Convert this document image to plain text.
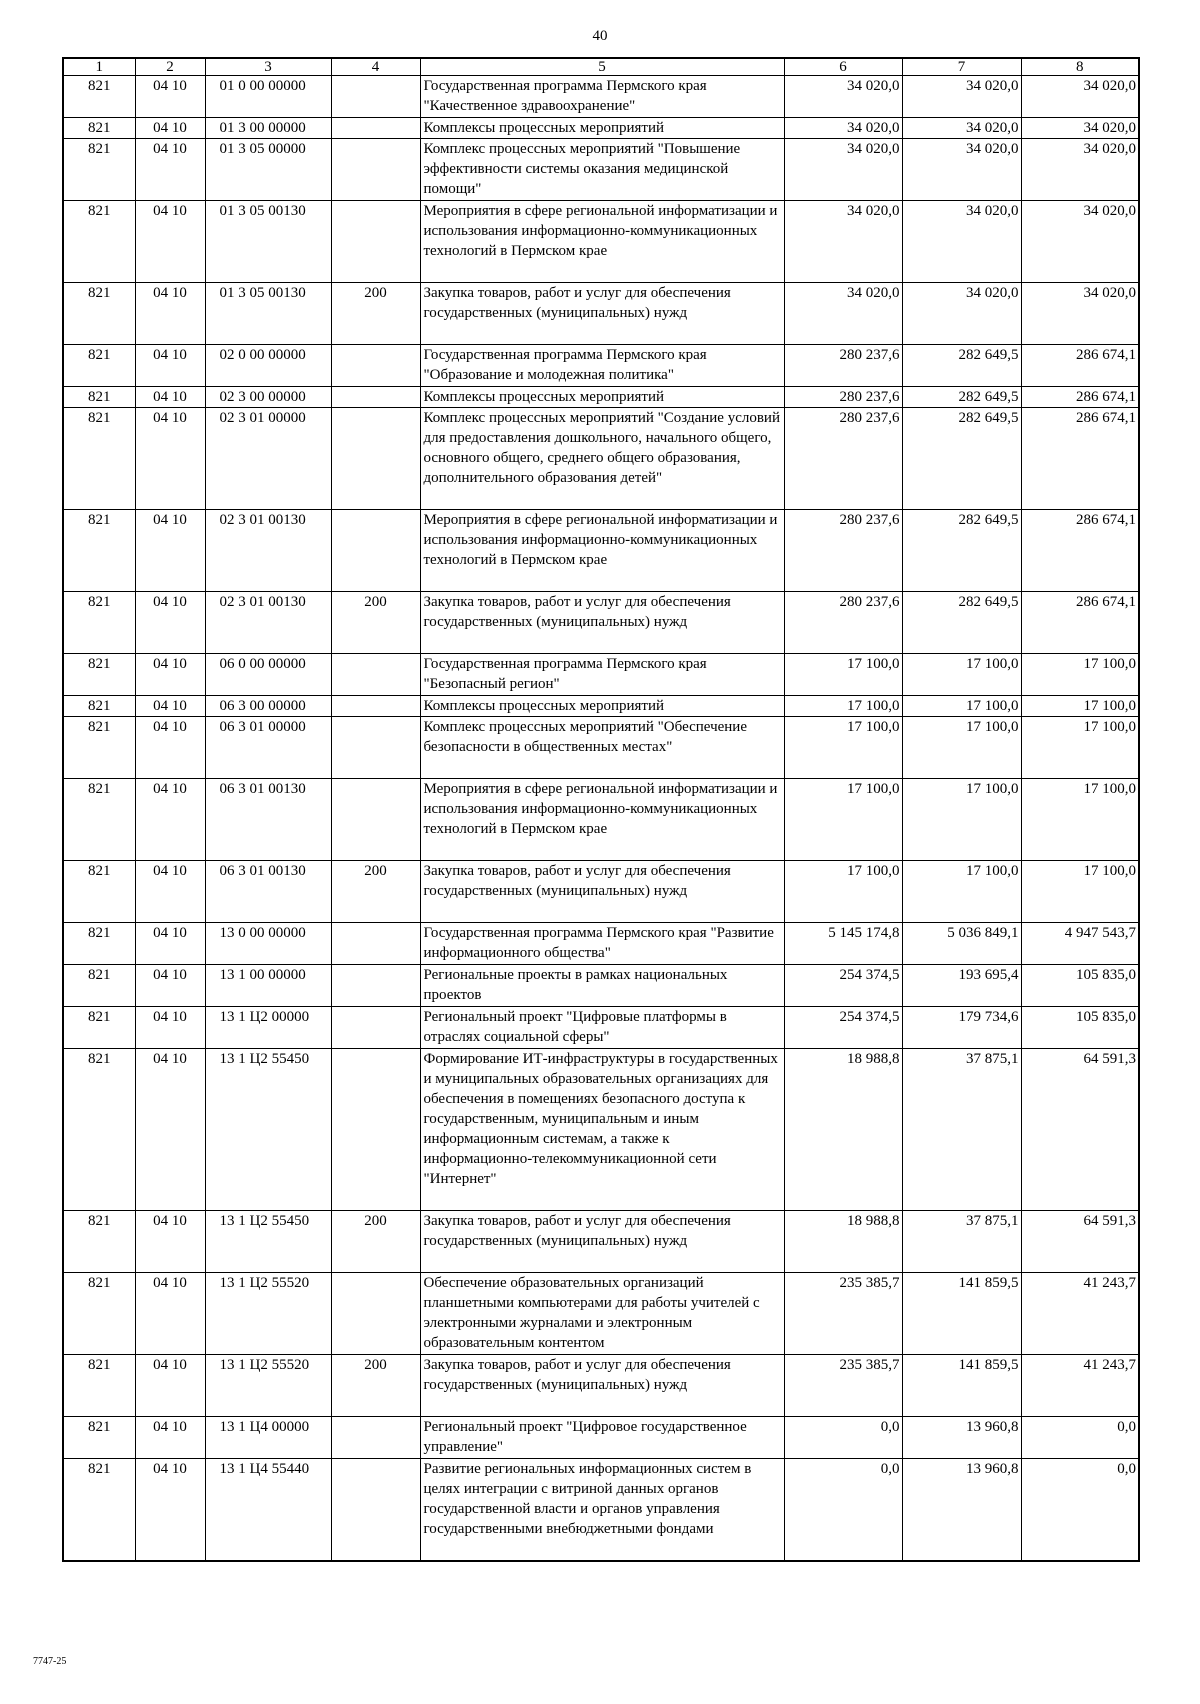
40
1	2	3	4	5	6	7	8
821	04 10	01 0 00 00000		Государственная программа Пермского края "Качественное здравоохранение"	34 020,0	34 020,0	34 020,0
821	04 10	01 3 00 00000		Комплексы процессных мероприятий	34 020,0	34 020,0	34 020,0
821	04 10	01 3 05 00000		Комплекс процессных мероприятий "Повышение эффективности системы оказания медицинской помощи"	34 020,0	34 020,0	34 020,0
821	04 10	01 3 05 00130		Мероприятия в сфере региональной информатизации и использования информационно-коммуникационных технологий в Пермском крае	34 020,0	34 020,0	34 020,0
821	04 10	01 3 05 00130	200	Закупка товаров, работ и услуг для обеспечения государственных (муниципальных) нужд	34 020,0	34 020,0	34 020,0
821	04 10	02 0 00 00000		Государственная программа Пермского края "Образование и молодежная политика"	280 237,6	282 649,5	286 674,1
821	04 10	02 3 00 00000		Комплексы процессных мероприятий	280 237,6	282 649,5	286 674,1
821	04 10	02 3 01 00000		Комплекс процессных мероприятий "Создание условий для предоставления дошкольного, начального общего, основного общего, среднего общего образования, дополнительного образования детей"	280 237,6	282 649,5	286 674,1
821	04 10	02 3 01 00130		Мероприятия в сфере региональной информатизации и использования информационно-коммуникационных технологий в Пермском крае	280 237,6	282 649,5	286 674,1
821	04 10	02 3 01 00130	200	Закупка товаров, работ и услуг для обеспечения государственных (муниципальных) нужд	280 237,6	282 649,5	286 674,1
821	04 10	06 0 00 00000		Государственная программа Пермского края "Безопасный регион"	17 100,0	17 100,0	17 100,0
821	04 10	06 3 00 00000		Комплексы процессных мероприятий	17 100,0	17 100,0	17 100,0
821	04 10	06 3 01 00000		Комплекс процессных мероприятий "Обеспечение безопасности в общественных местах"	17 100,0	17 100,0	17 100,0
821	04 10	06 3 01 00130		Мероприятия в сфере региональной информатизации и использования информационно-коммуникационных технологий в Пермском крае	17 100,0	17 100,0	17 100,0
821	04 10	06 3 01 00130	200	Закупка товаров, работ и услуг для обеспечения государственных (муниципальных) нужд	17 100,0	17 100,0	17 100,0
821	04 10	13 0 00 00000		Государственная программа Пермского края "Развитие информационного общества"	5 145 174,8	5 036 849,1	4 947 543,7
821	04 10	13 1 00 00000		Региональные проекты в рамках национальных проектов	254 374,5	193 695,4	105 835,0
821	04 10	13 1 Ц2 00000		Региональный проект "Цифровые платформы в отраслях социальной сферы"	254 374,5	179 734,6	105 835,0
821	04 10	13 1 Ц2 55450		Формирование ИТ-инфраструктуры в государственных и муниципальных образовательных организациях для обеспечения в помещениях безопасного доступа к государственным, муниципальным и иным информационным системам, а также к информационно-телекоммуникационной сети "Интернет"	18 988,8	37 875,1	64 591,3
821	04 10	13 1 Ц2 55450	200	Закупка товаров, работ и услуг для обеспечения государственных (муниципальных) нужд	18 988,8	37 875,1	64 591,3
821	04 10	13 1 Ц2 55520		Обеспечение образовательных организаций планшетными компьютерами для работы учителей с электронными журналами и электронным образовательным контентом	235 385,7	141 859,5	41 243,7
821	04 10	13 1 Ц2 55520	200	Закупка товаров, работ и услуг для обеспечения государственных (муниципальных) нужд	235 385,7	141 859,5	41 243,7
821	04 10	13 1 Ц4 00000		Региональный проект "Цифровое государственное управление"	0,0	13 960,8	0,0
821	04 10	13 1 Ц4 55440		Развитие региональных информационных систем в целях интеграции с витриной данных органов государственной власти и органов управления государственными внебюджетными фондами	0,0	13 960,8	0,0
7747-25
